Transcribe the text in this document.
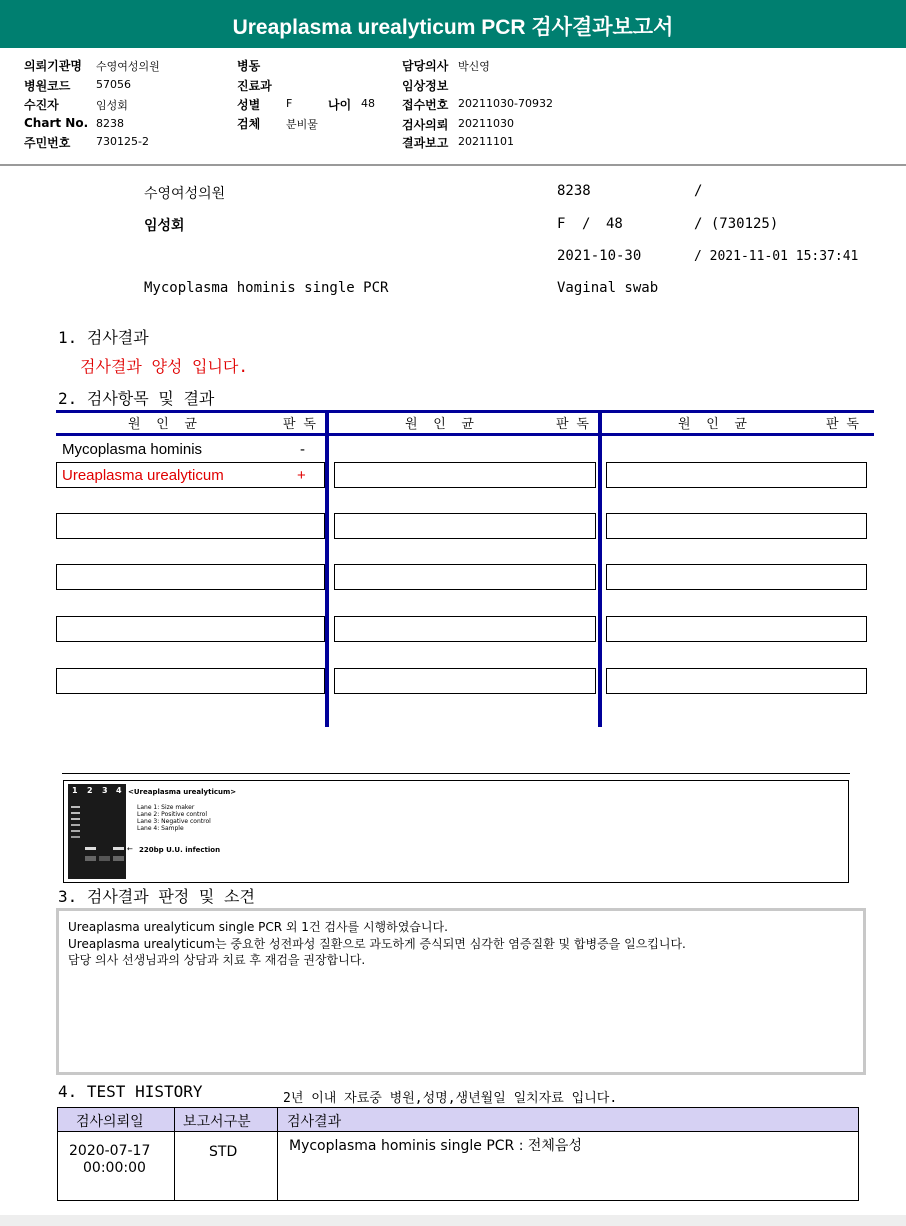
Ureaplasma urealyticum PCR 검사결과보고서
의뢰기관명 수영여성의원
병원코드 57056
수진자	임성회
Chart No. 8238
주민번호 730125-2
병동
진료과
성별 F	나이 48
검체 분비물
담당의사 박신영
임상정보
접수번호 20211030-70932
검사의뢰 20211030
결과보고 20211101
수영여성의원	8238	/
임성회	F / 48	/ (730125)
2021-10-30	/ 2021-11-01 15:37:41
Mycoplasma hominis single PCR	Vaginal swab
1. 검사결과
검사결과 양성 입니다.
2. 검사항목 및 결과
원  인  균	판 독	원  인  균	판 독	원  인  균	판 독
Mycoplasma hominis	-
Ureaplasma urealyticum	+
1 2 3 4 <Ureaplasma urealyticum>
Lane 1: Size maker
Lane 2: Positive control
Lane 3: Negative control
Lane 4: Sample
← 220bp U.U. infection
3. 검사결과 판정 및 소견
Ureaplasma urealyticum single PCR 외 1건 검사를 시행하였습니다.
Ureaplasma urealyticum는 중요한 성전파성 질환으로 과도하게 증식되면 심각한 염증질환 및 합병증을 일으킵니다.
담당 의사 선생님과의 상담과 치료 후 재검을 권장합니다.
4. TEST HISTORY	2년 이내 자료중 병원,성명,생년월일 일치자료 입니다.
검사의뢰일	보고서구분	검사결과
2020-07-17
00:00:00
STD	Mycoplasma hominis single PCR : 전체음성
